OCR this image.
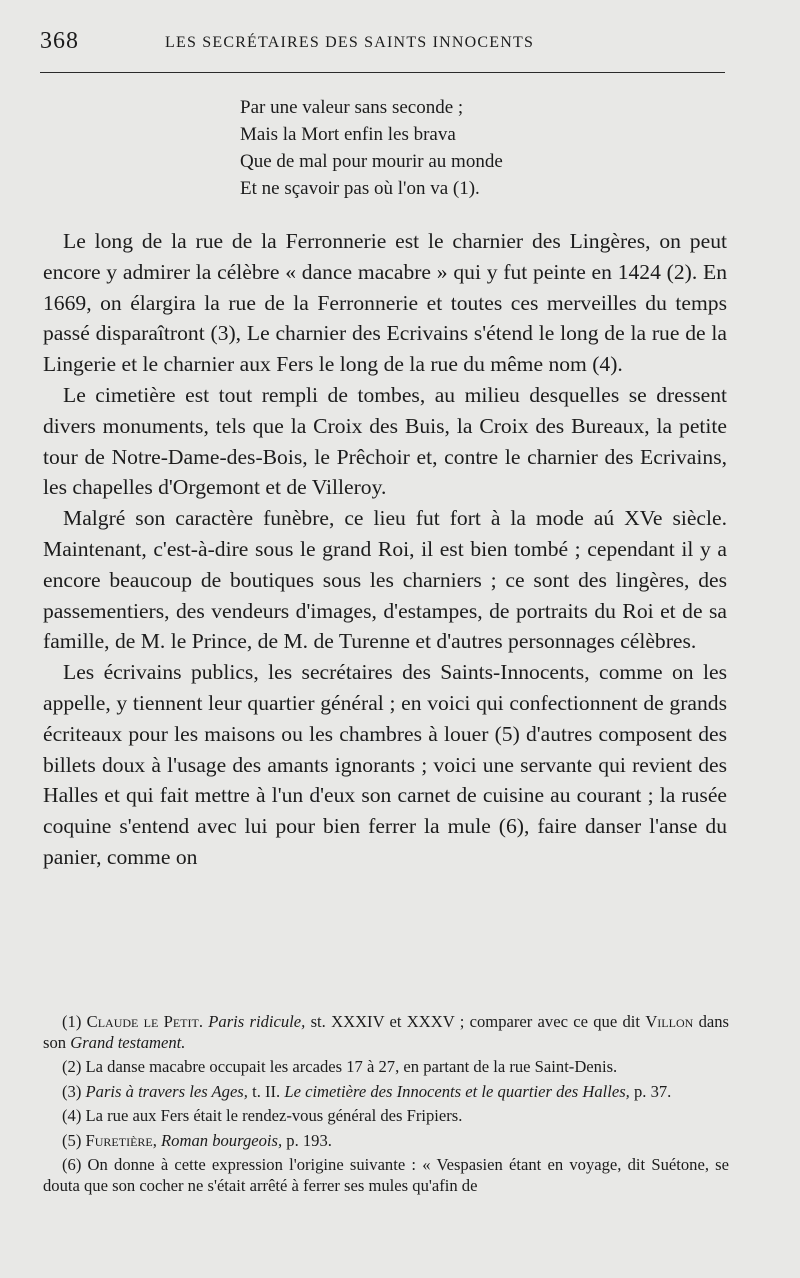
368	LES SECRÉTAIRES DES SAINTS INNOCENTS
Par une valeur sans seconde ;
Mais la Mort enfin les brava
Que de mal pour mourir au monde
Et ne sçavoir pas où l'on va (1).

Le long de la rue de la Ferronnerie est le charnier des Lingères, on peut encore y admirer la célèbre « dance macabre » qui y fut peinte en 1424 (2). En 1669, on élargira la rue de la Ferronnerie et toutes ces merveilles du temps passé disparaîtront (3), Le charnier des Ecrivains s'étend le long de la rue de la Lingerie et le charnier aux Fers le long de la rue du même nom (4).

Le cimetière est tout rempli de tombes, au milieu desquelles se dressent divers monuments, tels que la Croix des Buis, la Croix des Bureaux, la petite tour de Notre-Dame-des-Bois, le Prêchoir et, contre le charnier des Ecrivains, les chapelles d'Orgemont et de Villeroy.

Malgré son caractère funèbre, ce lieu fut fort à la mode aú XVe siècle. Maintenant, c'est-à-dire sous le grand Roi, il est bien tombé ; cependant il y a encore beaucoup de boutiques sous les charniers ; ce sont des lingères, des passementiers, des vendeurs d'images, d'estampes, de portraits du Roi et de sa famille, de M. le Prince, de M. de Turenne et d'autres personnages célèbres.

Les écrivains publics, les secrétaires des Saints-Innocents, comme on les appelle, y tiennent leur quartier général ; en voici qui confectionnent de grands écriteaux pour les maisons ou les chambres à louer (5) d'autres composent des billets doux à l'usage des amants ignorants ; voici une servante qui revient des Halles et qui fait mettre à l'un d'eux son carnet de cuisine au courant ; la rusée coquine s'entend avec lui pour bien ferrer la mule (6), faire danser l'anse du panier, comme on

(1) Claude le Petit. Paris ridicule, st. XXXIV et XXXV ; comparer avec ce que dit Villon dans son Grand testament.

(2) La danse macabre occupait les arcades 17 à 27, en partant de la rue Saint-Denis.

(3) Paris à travers les Ages, t. II. Le cimetière des Innocents et le quartier des Halles, p. 37.

(4) La rue aux Fers était le rendez-vous général des Fripiers.

(5) Furetière, Roman bourgeois, p. 193.

(6) On donne à cette expression l'origine suivante : « Vespasien étant en voyage, dit Suétone, se douta que son cocher ne s'était arrêté à ferrer ses mules qu'afin de
